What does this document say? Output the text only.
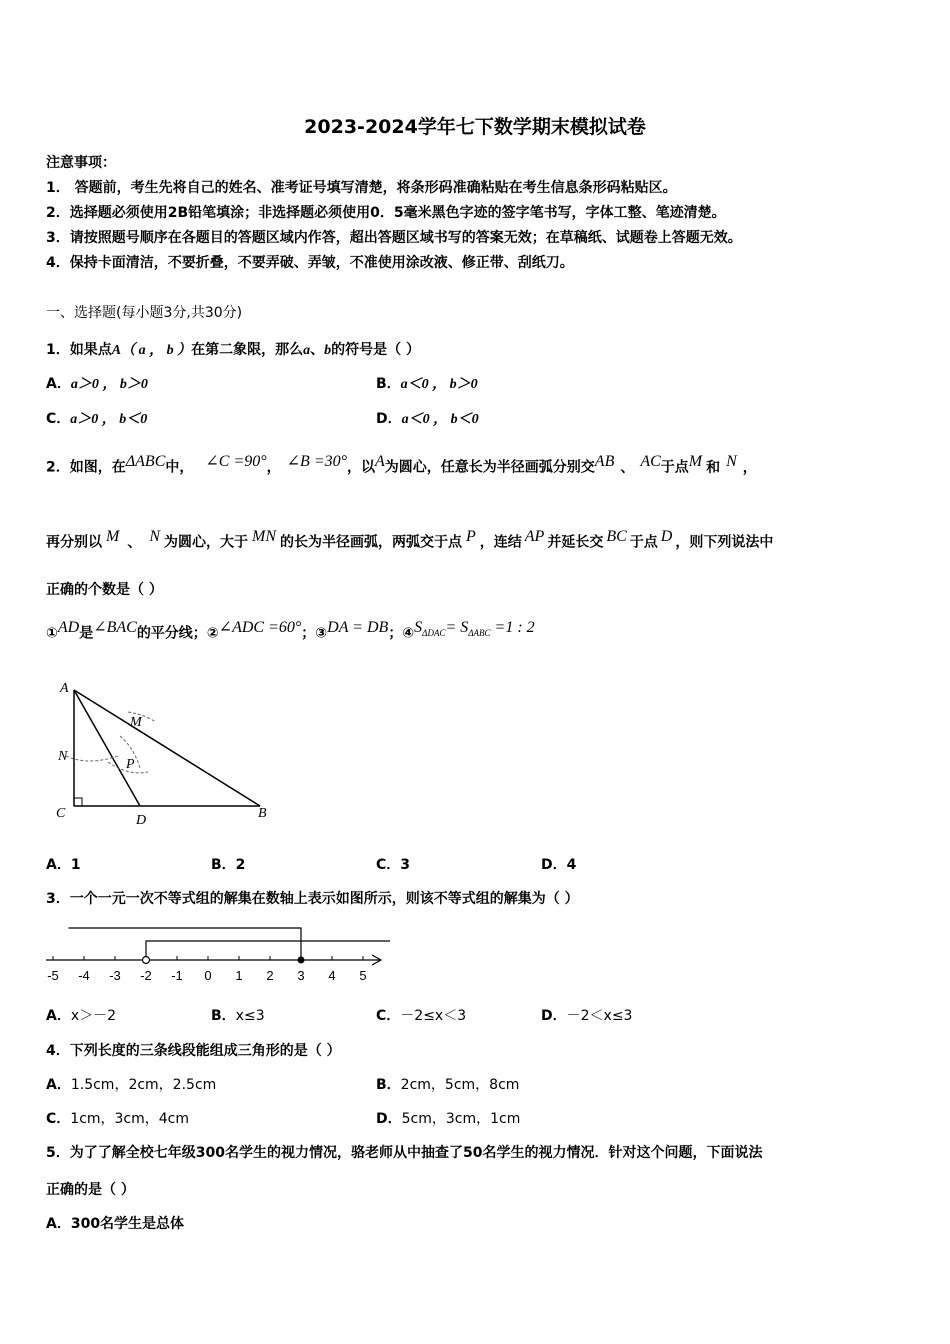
2023-2024学年七下数学期末模拟试卷
注意事项：
1． 答题前，考生先将自己的姓名、准考证号填写清楚，将条形码准确粘贴在考生信息条形码粘贴区。
2．选择题必须使用2B铅笔填涂；非选择题必须使用0．5毫米黑色字迹的签字笔书写，字体工整、笔迹清楚。
3．请按照题号顺序在各题目的答题区域内作答，超出答题区域书写的答案无效；在草稿纸、试题卷上答题无效。
4．保持卡面清洁，不要折叠，不要弄破、弄皱，不准使用涂改液、修正带、刮纸刀。
一、选择题(每小题3分,共30分)
1．如果点A（ a ， b ）在第二象限，那么a、b的符号是（ ）
A．a＞0 ， b＞0	B．a＜0 ， b＞0
C．a＞0 ， b＜0	D．a＜0 ， b＜0
2．如图，在$^{\Delta ABC}$中， $^{\angle C =90^\circ}$， $^{\angle B =30^\circ}$，以$^A$为圆心，任意长为半径画弧分别交$^{AB}$ 、 $^{AC}$于点$^M$ 和 $^N$ ，
再分别以 $^M$ 、 $^N$ 为圆心，大于 $^{MN}$ 的长为半径画弧，两弧交于点 $^P$ ，连结 $^{AP}$ 并延长交 $^{BC}$ 于点 $^D$ ，则下列说法中
正确的个数是（ ）
①$^{AD}$是$^{\angle BAC}$的平分线；②$^{\angle ADC =60^\circ}$；③$^{DA = DB}$；④$^{S_{\Delta DAC}= S_{\Delta ABC} =1 : 2}$
A
M
N
P
C	D	B
A．1	B．2	C．3	D．4
3．一个一元一次不等式组的解集在数轴上表示如图所示，则该不等式组的解集为（ ）
-5 -4 -3 -2 -1 0 1 2 3 4 5
A．x＞－2	B．x≤3	C．－2≤x＜3	D．－2＜x≤3
4．下列长度的三条线段能组成三角形的是（ ）
A．1.5cm，2cm，2.5cm	B．2cm，5cm，8cm
C．1cm，3cm，4cm	D．5cm，3cm，1cm
5．为了了解全校七年级300名学生的视力情况，骆老师从中抽查了50名学生的视力情况．针对这个问题，下面说法
正确的是（ ）
A．300名学生是总体
